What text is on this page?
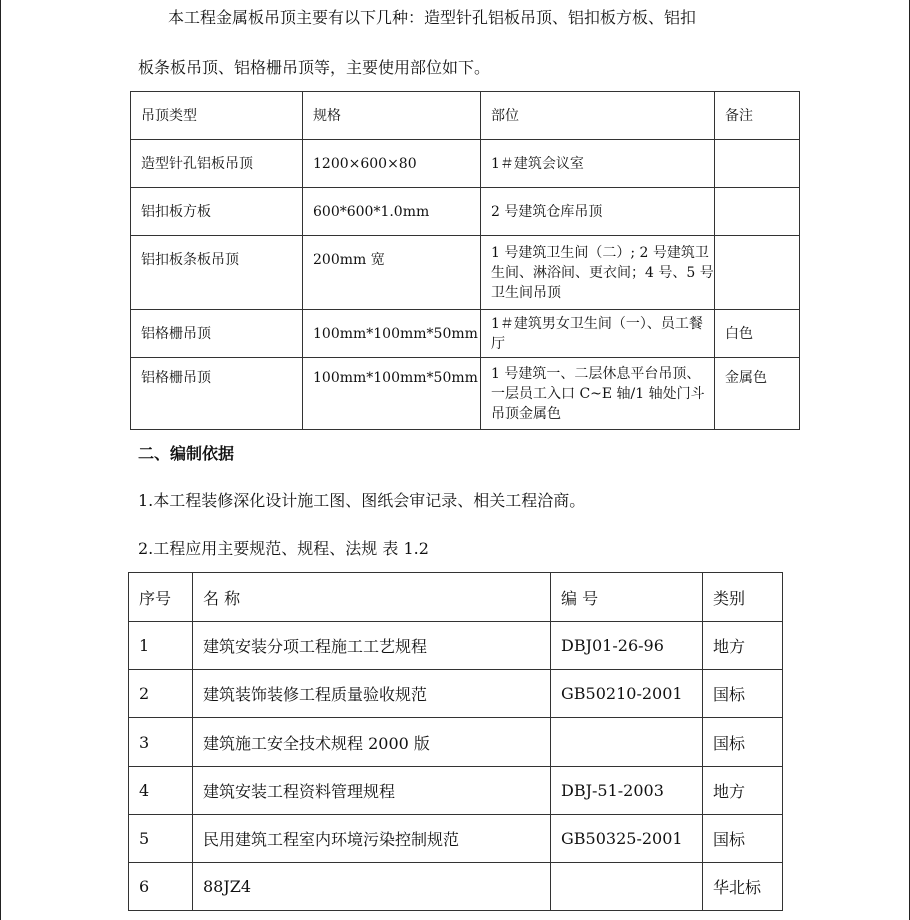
本工程金属板吊顶主要有以下几种：造型针孔铝板吊顶、铝扣板方板、铝扣
板条板吊顶、铝格栅吊顶等，主要使用部位如下。
吊顶类型	规格	部位	备注
造型针孔铝板吊顶	1200×600×80	1＃建筑会议室	
铝扣板方板	600*600*1.0mm	2 号建筑仓库吊顶	
铝扣板条板吊顶	200mm 宽	1 号建筑卫生间（二）; 2 号建筑卫生间、淋浴间、更衣间；4 号、5 号卫生间吊顶	
铝格栅吊顶	100mm*100mm*50mm	1＃建筑男女卫生间（一）、员工餐厅	白色
铝格栅吊顶	100mm*100mm*50mm	1 号建筑一、二层休息平台吊顶、一层员工入口 C~E 轴/1 轴处门斗吊顶金属色	金属色
二、编制依据
1.本工程装修深化设计施工图、图纸会审记录、相关工程洽商。
2.工程应用主要规范、规程、法规 表 1.2
序号	名 称	编 号	类别
1	建筑安装分项工程施工工艺规程	DBJ01-26-96	地方
2	建筑装饰装修工程质量验收规范	GB50210-2001	国标
3	建筑施工安全技术规程 2000 版		国标
4	建筑安装工程资料管理规程	DBJ-51-2003	地方
5	民用建筑工程室内环境污染控制规范	GB50325-2001	国标
6	88JZ4		华北标
